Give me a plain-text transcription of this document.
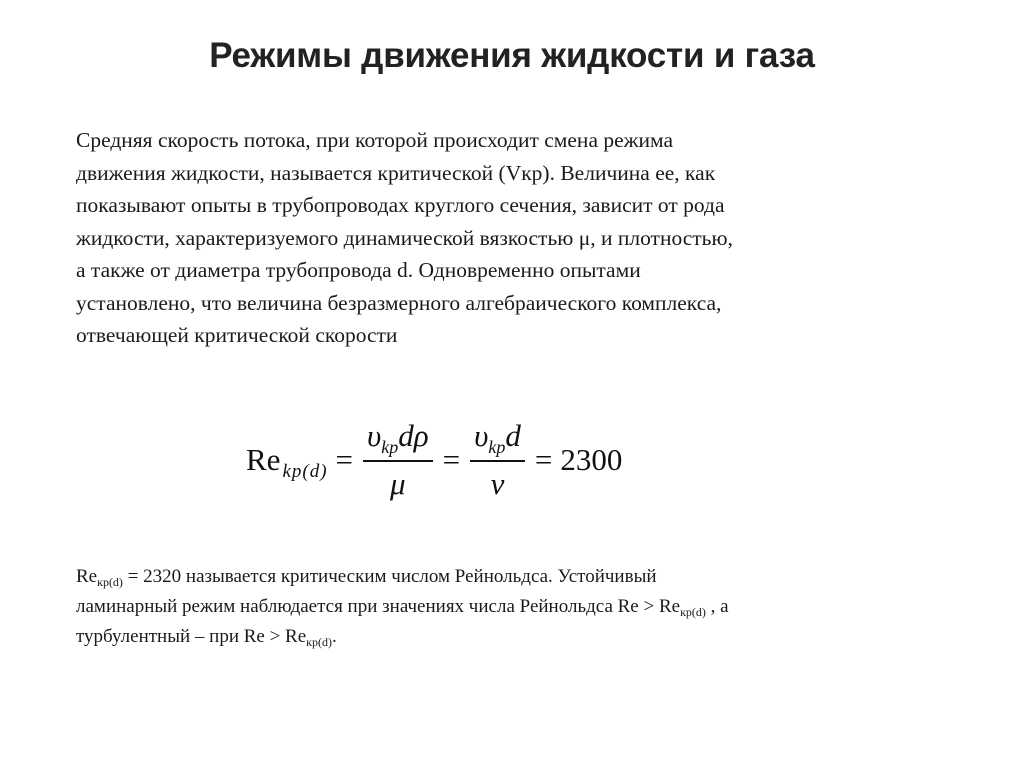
Режимы движения жидкости и газа
Средняя скорость потока, при которой происходит смена режима
движения жидкости, называется критической (Vкр). Величина ее, как
показывают опыты в трубопроводах круглого сечения, зависит от рода
жидкости, характеризуемого динамической вязкостью μ, и плотностью,
а также от диаметра трубопровода d. Одновременно опытами
установлено, что величина безразмерного алгебраического комплекса,
отвечающей критической скорости
Re $kp(d) = \frac{\upsilon_{kp}d\rho}{\mu} = \frac{\upsilon_{kp}d}{\nu} = 2300$
$Re_{кр(d)} = 2320$ называется критическим числом Рейнольдса. Устойчивый
ламинарный режим наблюдается при значениях числа Рейнольдса $Re > Re_{кр(d)}$ , а
турбулентный – при $Re > Re_{кр(d)}$.
